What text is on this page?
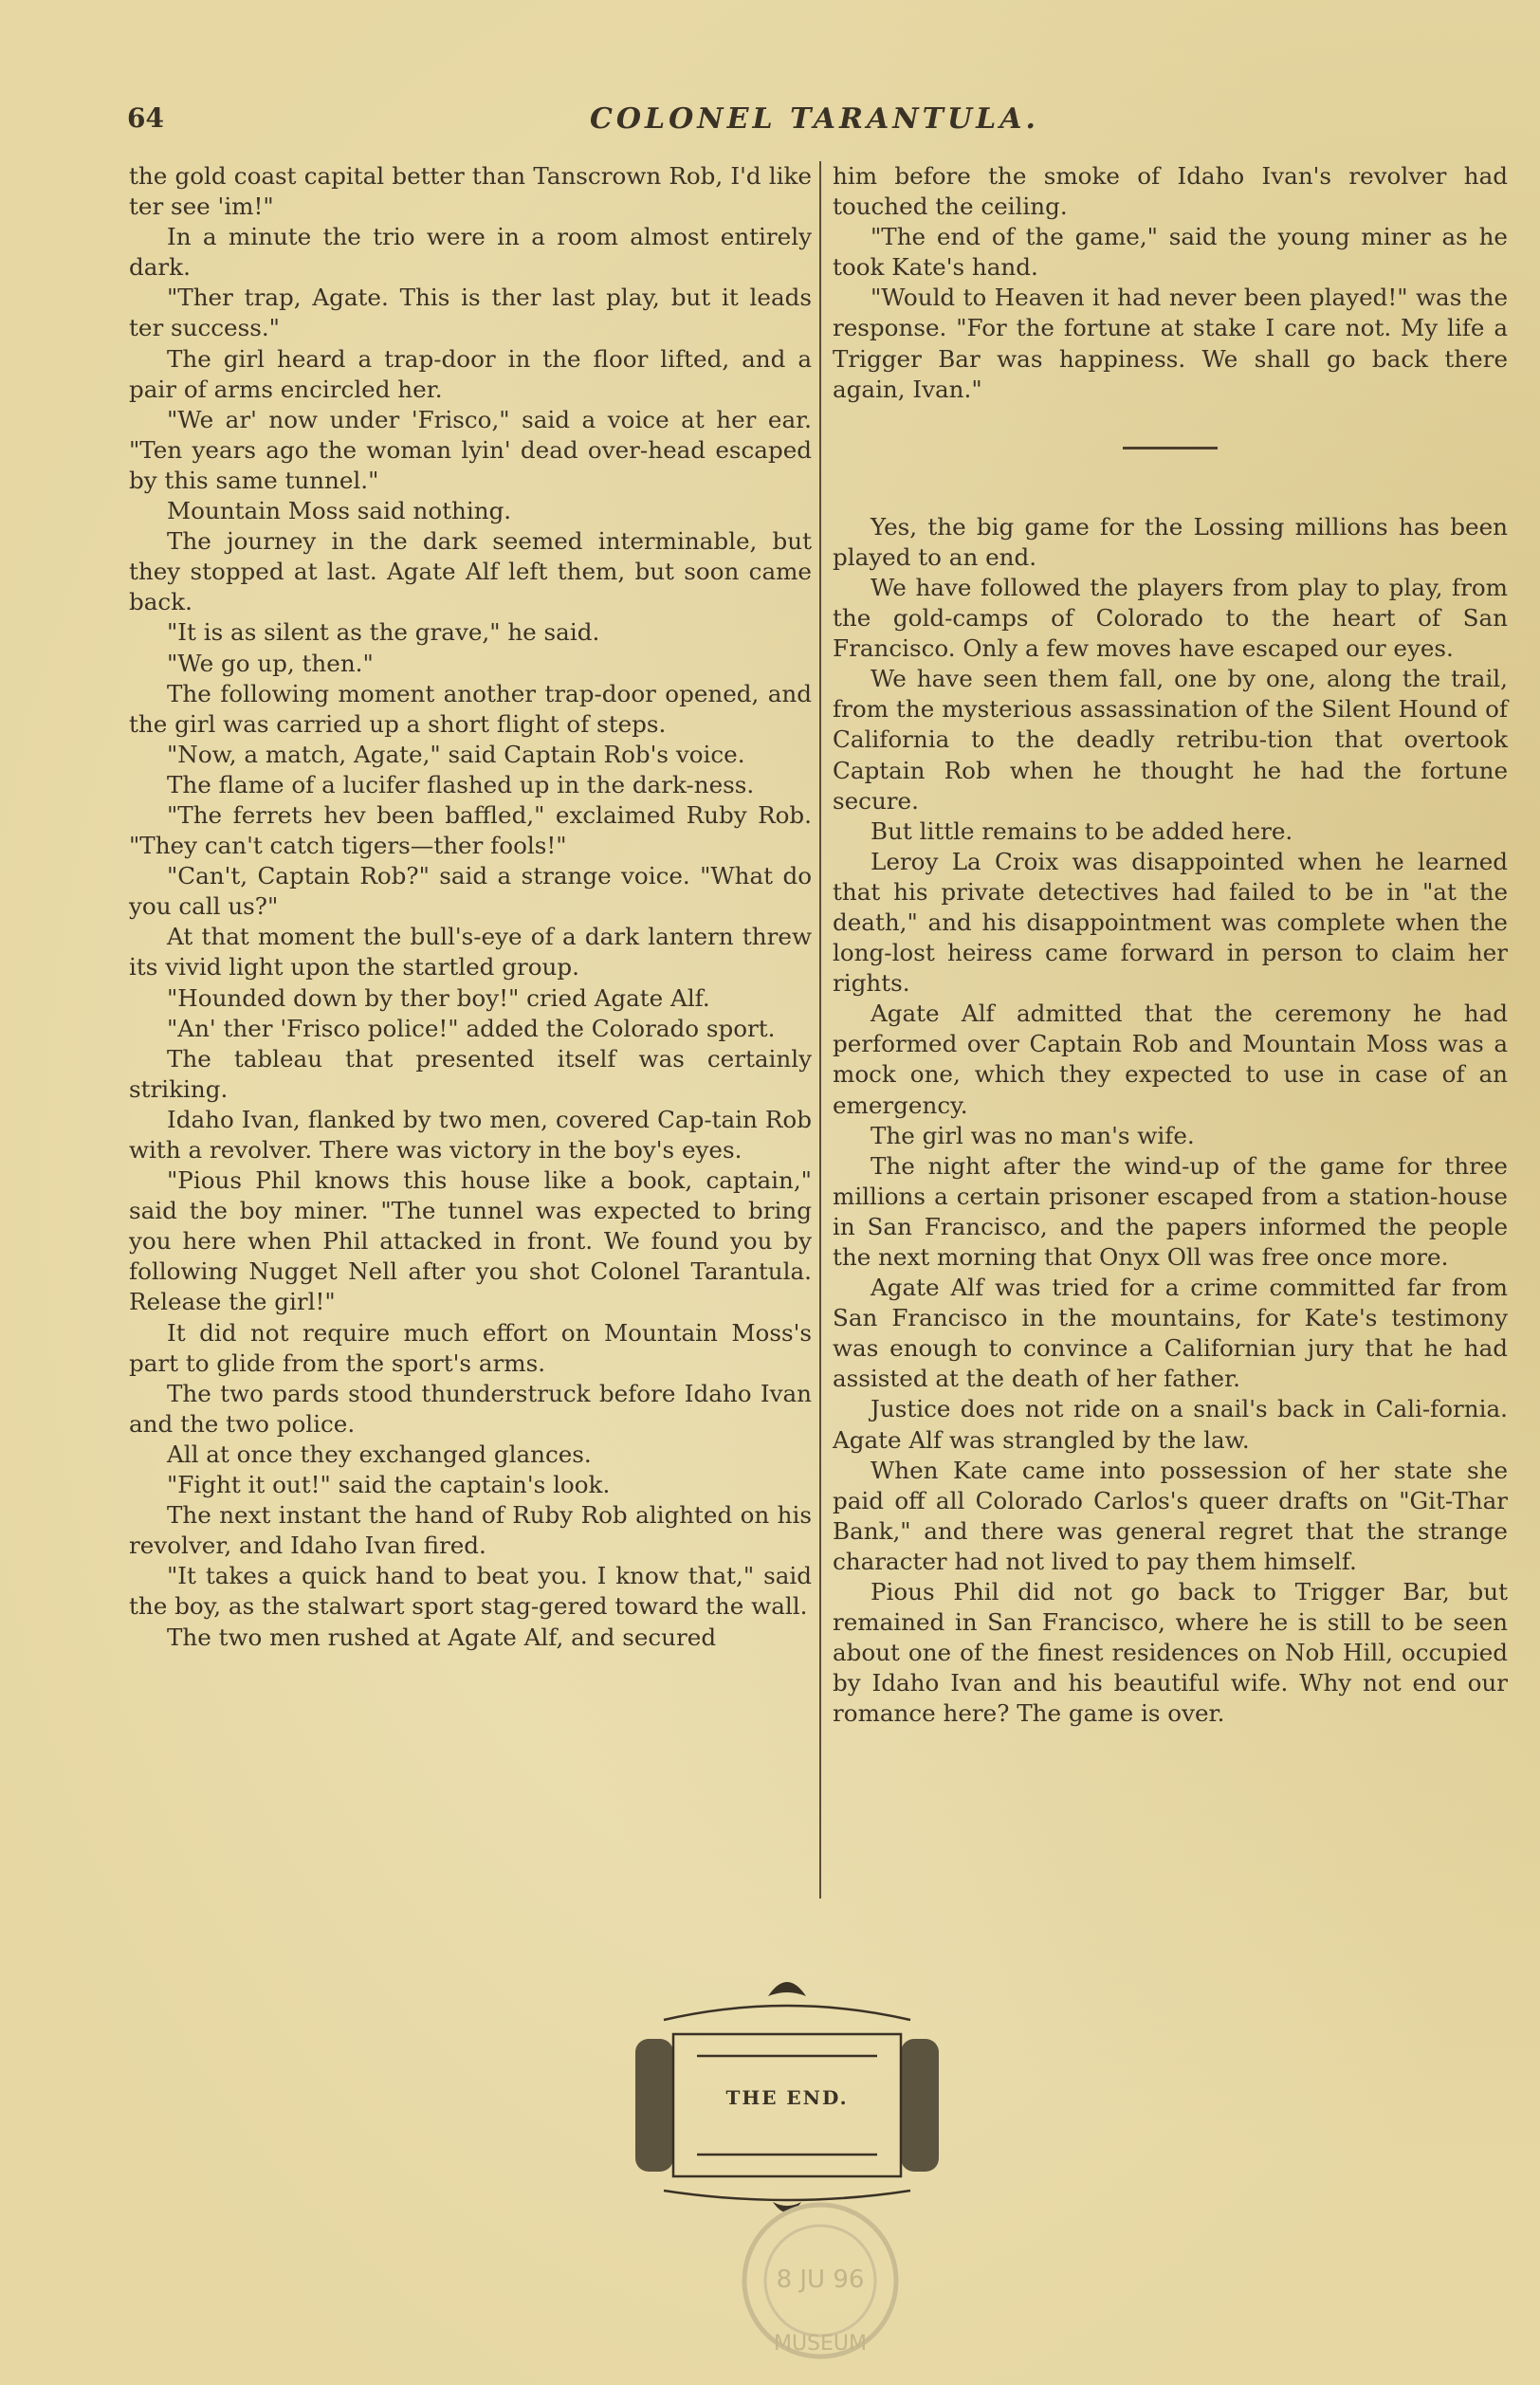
64	COLONEL TARANTULA.

the gold coast capital better than Tanscrown Rob, I'd like ter see 'im!"

In a minute the trio were in a room almost entirely dark.

"Ther trap, Agate. This is ther last play, but it leads ter success."

The girl heard a trap-door in the floor lifted, and a pair of arms encircled her.

"We ar' now under 'Frisco," said a voice at her ear. "Ten years ago the woman lyin' dead over-head escaped by this same tunnel."

Mountain Moss said nothing.

The journey in the dark seemed interminable, but they stopped at last. Agate Alf left them, but soon came back.

"It is as silent as the grave," he said.

"We go up, then."

The following moment another trap-door opened, and the girl was carried up a short flight of steps.

"Now, a match, Agate," said Captain Rob's voice.

The flame of a lucifer flashed up in the dark-ness.

"The ferrets hev been baffled," exclaimed Ruby Rob. "They can't catch tigers—ther fools!"

"Can't, Captain Rob?" said a strange voice. "What do you call us?"

At that moment the bull's-eye of a dark lantern threw its vivid light upon the startled group.

"Hounded down by ther boy!" cried Agate Alf.

"An' ther 'Frisco police!" added the Colorado sport.

The tableau that presented itself was certainly striking.

Idaho Ivan, flanked by two men, covered Cap-tain Rob with a revolver. There was victory in the boy's eyes.

"Pious Phil knows this house like a book, captain," said the boy miner. "The tunnel was expected to bring you here when Phil attacked in front. We found you by following Nugget Nell after you shot Colonel Tarantula. Release the girl!"

It did not require much effort on Mountain Moss's part to glide from the sport's arms.

The two pards stood thunderstruck before Idaho Ivan and the two police.

All at once they exchanged glances.

"Fight it out!" said the captain's look.

The next instant the hand of Ruby Rob alighted on his revolver, and Idaho Ivan fired.

"It takes a quick hand to beat you. I know that," said the boy, as the stalwart sport stag-gered toward the wall.

The two men rushed at Agate Alf, and secured

him before the smoke of Idaho Ivan's revolver had touched the ceiling.

"The end of the game," said the young miner as he took Kate's hand.

"Would to Heaven it had never been played!" was the response. "For the fortune at stake I care not. My life a Trigger Bar was happiness. We shall go back there again, Ivan."

Yes, the big game for the Lossing millions has been played to an end.

We have followed the players from play to play, from the gold-camps of Colorado to the heart of San Francisco. Only a few moves have escaped our eyes.

We have seen them fall, one by one, along the trail, from the mysterious assassination of the Silent Hound of California to the deadly retribu-tion that overtook Captain Rob when he thought he had the fortune secure.

But little remains to be added here.

Leroy La Croix was disappointed when he learned that his private detectives had failed to be in "at the death," and his disappointment was complete when the long-lost heiress came forward in person to claim her rights.

Agate Alf admitted that the ceremony he had performed over Captain Rob and Mountain Moss was a mock one, which they expected to use in case of an emergency.

The girl was no man's wife.

The night after the wind-up of the game for three millions a certain prisoner escaped from a station-house in San Francisco, and the papers informed the people the next morning that Onyx Oll was free once more.

Agate Alf was tried for a crime committed far from San Francisco in the mountains, for Kate's testimony was enough to convince a Californian jury that he had assisted at the death of her father.

Justice does not ride on a snail's back in Cali-fornia. Agate Alf was strangled by the law.

When Kate came into possession of her state she paid off all Colorado Carlos's queer drafts on "Git-Thar Bank," and there was general regret that the strange character had not lived to pay them himself.

Pious Phil did not go back to Trigger Bar, but remained in San Francisco, where he is still to be seen about one of the finest residences on Nob Hill, occupied by Idaho Ivan and his beautiful wife. Why not end our romance here? The game is over.

THE END.
8 JU 96
MUSEUM
